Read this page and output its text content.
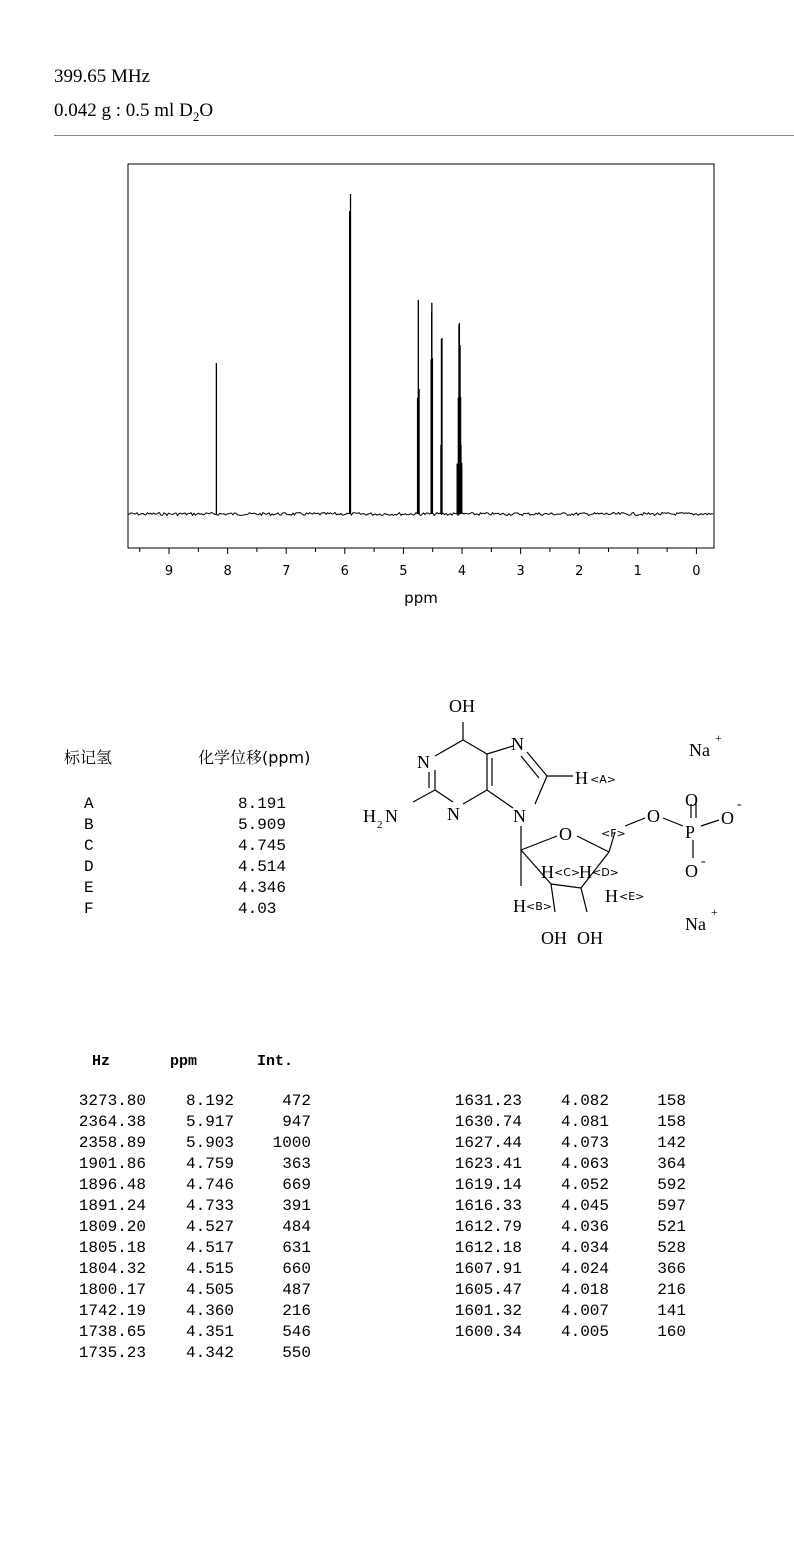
399.65 MHz
0.042 g : 0.5 ml $D_2O$
9	8	7	6	5	4	3	2	1	0
ppm
标记氢	化学位移(ppm)
A	8.191
B	5.909
C	4.745
D	4.514
E	4.346
F	4.03
OH
N
N
N
N
H 2 N
H <A>
O	<F>
O
P
O
O
-
O -
H <C>
H <D>
H <E>
H <B>
OH OH
Na
+
Na
+
Hz	ppm	Int.
3273.80	8.192	472
2364.38	5.917	947
2358.89	5.903	1000
1901.86	4.759	363
1896.48	4.746	669
1891.24	4.733	391
1809.20	4.527	484
1805.18	4.517	631
1804.32	4.515	660
1800.17	4.505	487
1742.19	4.360	216
1738.65	4.351	546
1735.23	4.342	550
1631.23	4.082	158
1630.74	4.081	158
1627.44	4.073	142
1623.41	4.063	364
1619.14	4.052	592
1616.33	4.045	597
1612.79	4.036	521
1612.18	4.034	528
1607.91	4.024	366
1605.47	4.018	216
1601.32	4.007	141
1600.34	4.005	160
